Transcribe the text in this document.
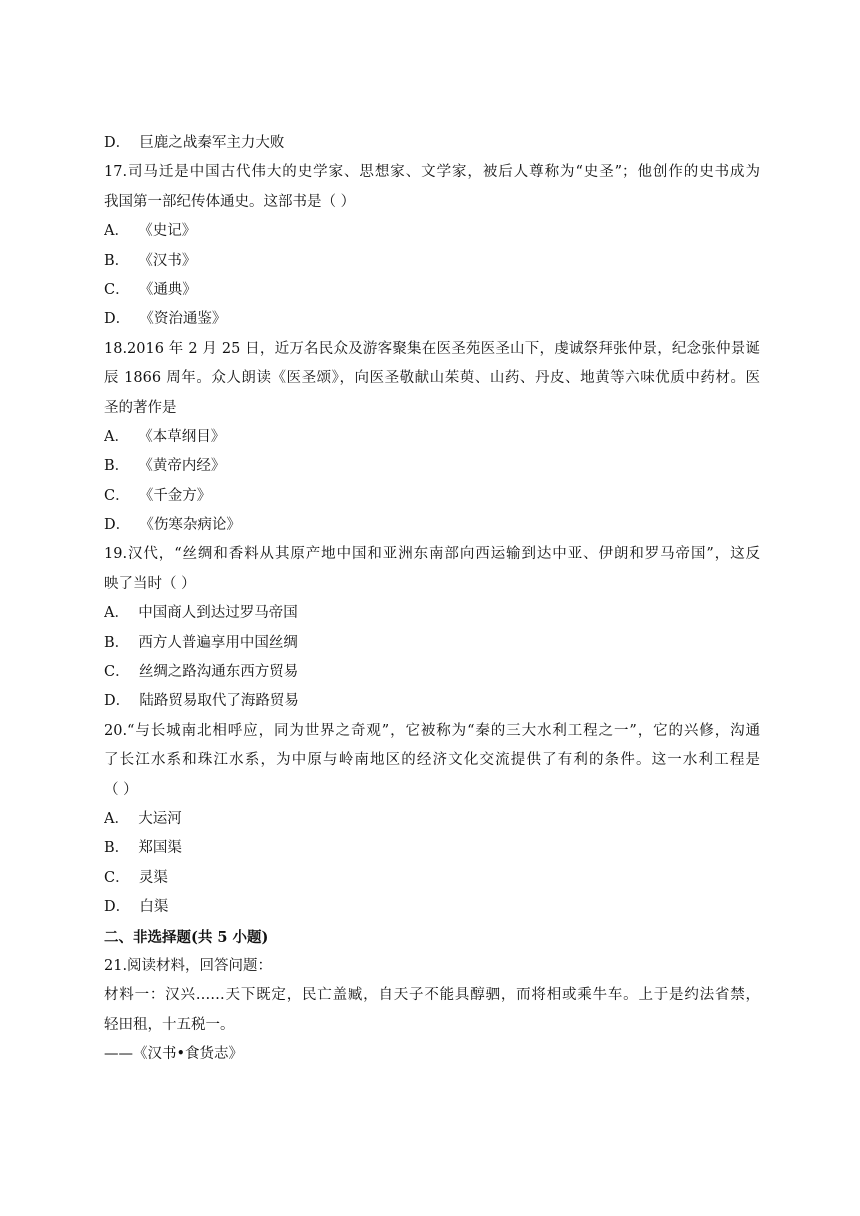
D．  巨鹿之战秦军主力大败
17.司马迁是中国古代伟大的史学家、思想家、文学家，被后人尊称为“史圣”；他创作的史书成为
我国第一部纪传体通史。这部书是（ ）
A．  《史记》
B．  《汉书》
C．  《通典》
D．  《资治通鉴》
18.2016 年 2 月 25 日，近万名民众及游客聚集在医圣苑医圣山下，虔诚祭拜张仲景，纪念张仲景诞
辰 1866 周年。众人朗读《医圣颂》，向医圣敬献山茱萸、山药、丹皮、地黄等六味优质中药材。医
圣的著作是
A．  《本草纲目》
B．  《黄帝内经》
C．  《千金方》
D．  《伤寒杂病论》
19.汉代，“丝绸和香料从其原产地中国和亚洲东南部向西运输到达中亚、伊朗和罗马帝国”，这反
映了当时（ ）
A．  中国商人到达过罗马帝国
B．  西方人普遍享用中国丝绸
C．  丝绸之路沟通东西方贸易
D．  陆路贸易取代了海路贸易
20.“与长城南北相呼应，同为世界之奇观”，它被称为“秦的三大水利工程之一”，它的兴修，沟通
了长江水系和珠江水系，为中原与岭南地区的经济文化交流提供了有利的条件。这一水利工程是
（ ）
A．  大运河
B．  郑国渠
C．  灵渠
D．  白渠
二、非选择题(共 5 小题)
21.阅读材料，回答问题：
材料一：汉兴……天下既定，民亡盖臧，自天子不能具醇驷，而将相或乘牛车。上于是约法省禁，
轻田租，十五税一。
——《汉书•食货志》
